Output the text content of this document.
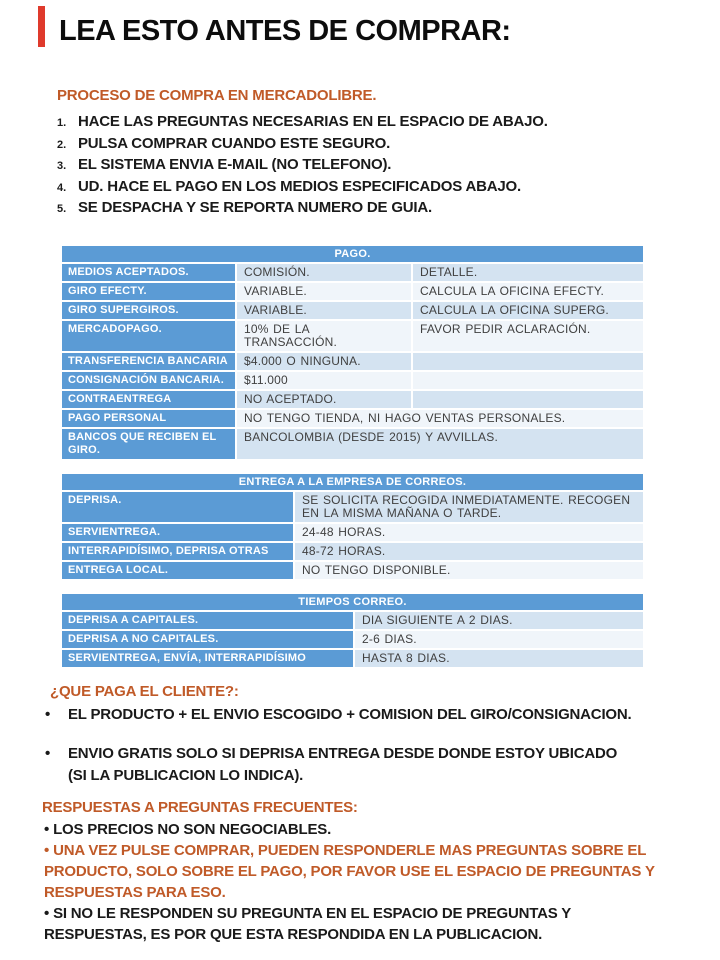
LEA ESTO ANTES DE COMPRAR:
PROCESO DE COMPRA EN MERCADOLIBRE.
1. HACE LAS PREGUNTAS NECESARIAS EN EL ESPACIO DE ABAJO.
2. PULSA COMPRAR CUANDO ESTE SEGURO.
3. EL SISTEMA ENVIA E-MAIL (NO TELEFONO).
4. UD. HACE EL PAGO EN LOS MEDIOS ESPECIFICADOS ABAJO.
5. SE DESPACHA Y SE REPORTA NUMERO DE GUIA.
PAGO.		
MEDIOS ACEPTADOS.	COMISIÓN.	DETALLE.
GIRO EFECTY.	VARIABLE.	CALCULA LA OFICINA EFECTY.
GIRO SUPERGIROS.	VARIABLE.	CALCULA LA OFICINA SUPERG.
MERCADOPAGO.	10% DE LA TRANSACCIÓN.	FAVOR PEDIR ACLARACIÓN.
TRANSFERENCIA BANCARIA	$4.000 O NINGUNA.	
CONSIGNACIÓN BANCARIA.	$11.000	
CONTRAENTREGA	NO ACEPTADO.	
PAGO PERSONAL	NO TENGO TIENDA, NI HAGO VENTAS PERSONALES.	
BANCOS QUE RECIBEN EL GIRO.	BANCOLOMBIA (DESDE 2015) Y AVVILLAS.	
ENTREGA A LA EMPRESA DE CORREOS.	
DEPRISA.	SE SOLICITA RECOGIDA INMEDIATAMENTE. RECOGEN EN LA MISMA MAÑANA O TARDE.
SERVIENTREGA.	24-48 HORAS.
INTERRAPIDÍSIMO, DEPRISA OTRAS	48-72 HORAS.
ENTREGA LOCAL.	NO TENGO DISPONIBLE.
TIEMPOS CORREO.	
DEPRISA A CAPITALES.	DIA SIGUIENTE A 2 DIAS.
DEPRISA A NO CAPITALES.	2-6 DIAS.
SERVIENTREGA, ENVÍA, INTERRAPIDÍSIMO	HASTA 8 DIAS.
¿QUE PAGA EL CLIENTE?:
•	EL PRODUCTO + EL ENVIO ESCOGIDO + COMISION DEL GIRO/CONSIGNACION.
•	ENVIO GRATIS SOLO SI DEPRISA ENTREGA DESDE DONDE ESTOY UBICADO (SI LA PUBLICACION LO INDICA).
RESPUESTAS A PREGUNTAS FRECUENTES:
• LOS PRECIOS NO SON NEGOCIABLES.
• UNA VEZ PULSE COMPRAR, PUEDEN RESPONDERLE MAS PREGUNTAS SOBRE EL PRODUCTO, SOLO SOBRE EL PAGO, POR FAVOR USE EL ESPACIO DE PREGUNTAS Y RESPUESTAS PARA ESO.
• SI NO LE RESPONDEN SU PREGUNTA EN EL ESPACIO DE PREGUNTAS Y RESPUESTAS, ES POR QUE ESTA RESPONDIDA EN LA PUBLICACION.
